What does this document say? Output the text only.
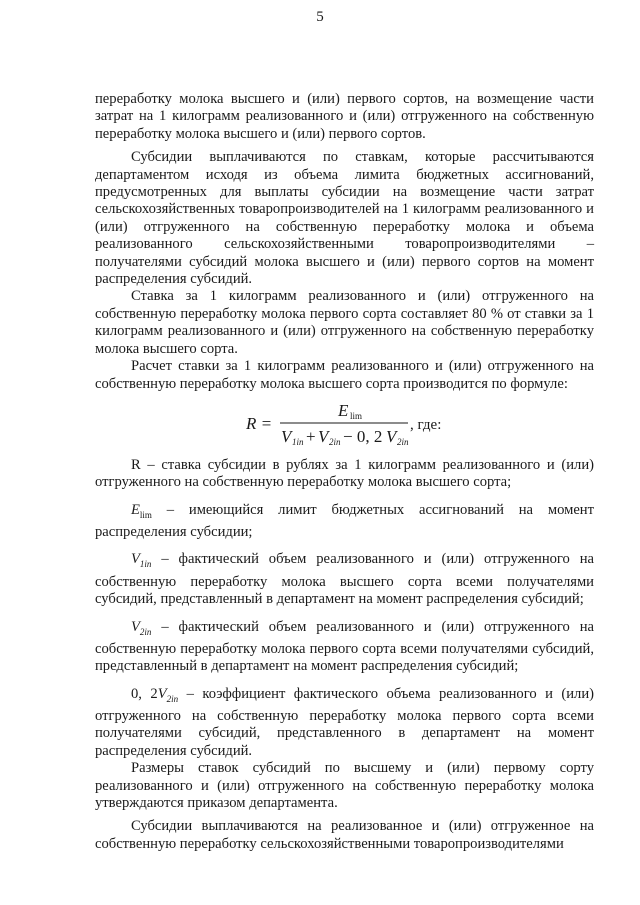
5

переработку молока высшего и (или) первого сортов, на возмещение части затрат на 1 килограмм реализованного и (или) отгруженного на собственную переработку молока высшего и (или) первого сортов.

Субсидии выплачиваются по ставкам, которые рассчитываются департаментом исходя из объема лимита бюджетных ассигнований, предусмотренных для выплаты субсидии на возмещение части затрат сельскохозяйственных товаропроизводителей на 1 килограмм реализованного и (или) отгруженного на собственную переработку молока и объема реализованного сельскохозяйственными товаропроизводителями – получателями субсидий молока высшего и (или) первого сортов на момент распределения субсидий.

Ставка за 1 килограмм реализованного и (или) отгруженного на собственную переработку молока первого сорта составляет 80 % от ставки за 1 килограмм реализованного и (или) отгруженного на собственную переработку молока высшего сорта.

Расчет ставки за 1 килограмм реализованного и (или) отгруженного на собственную переработку молока высшего сорта производится по формуле:

R =
E lim
V 1in + V 2in − 0, 2 V 2in
, где:

R – ставка субсидии в рублях за 1 килограмм реализованного и (или) отгруженного на собственную переработку молока высшего сорта;

$E_{lim}$ – имеющийся лимит бюджетных ассигнований на момент распределения субсидии;

$V_{1in}$ – фактический объем реализованного и (или) отгруженного на собственную переработку молока высшего сорта всеми получателями субсидий, представленный в департамент на момент распределения субсидий;

$V_{2in}$ – фактический объем реализованного и (или) отгруженного на собственную переработку молока первого сорта всеми получателями субсидий, представленный в департамент на момент распределения субсидий;

0, $2V_{2in}$ – коэффициент фактического объема реализованного и (или) отгруженного на собственную переработку молока первого сорта всеми получателями субсидий, представленного в департамент на момент распределения субсидий.

Размеры ставок субсидий по высшему и (или) первому сорту реализованного и (или) отгруженного на собственную переработку молока утверждаются приказом департамента.

Субсидии выплачиваются на реализованное и (или) отгруженное на собственную переработку сельскохозяйственными товаропроизводителями
